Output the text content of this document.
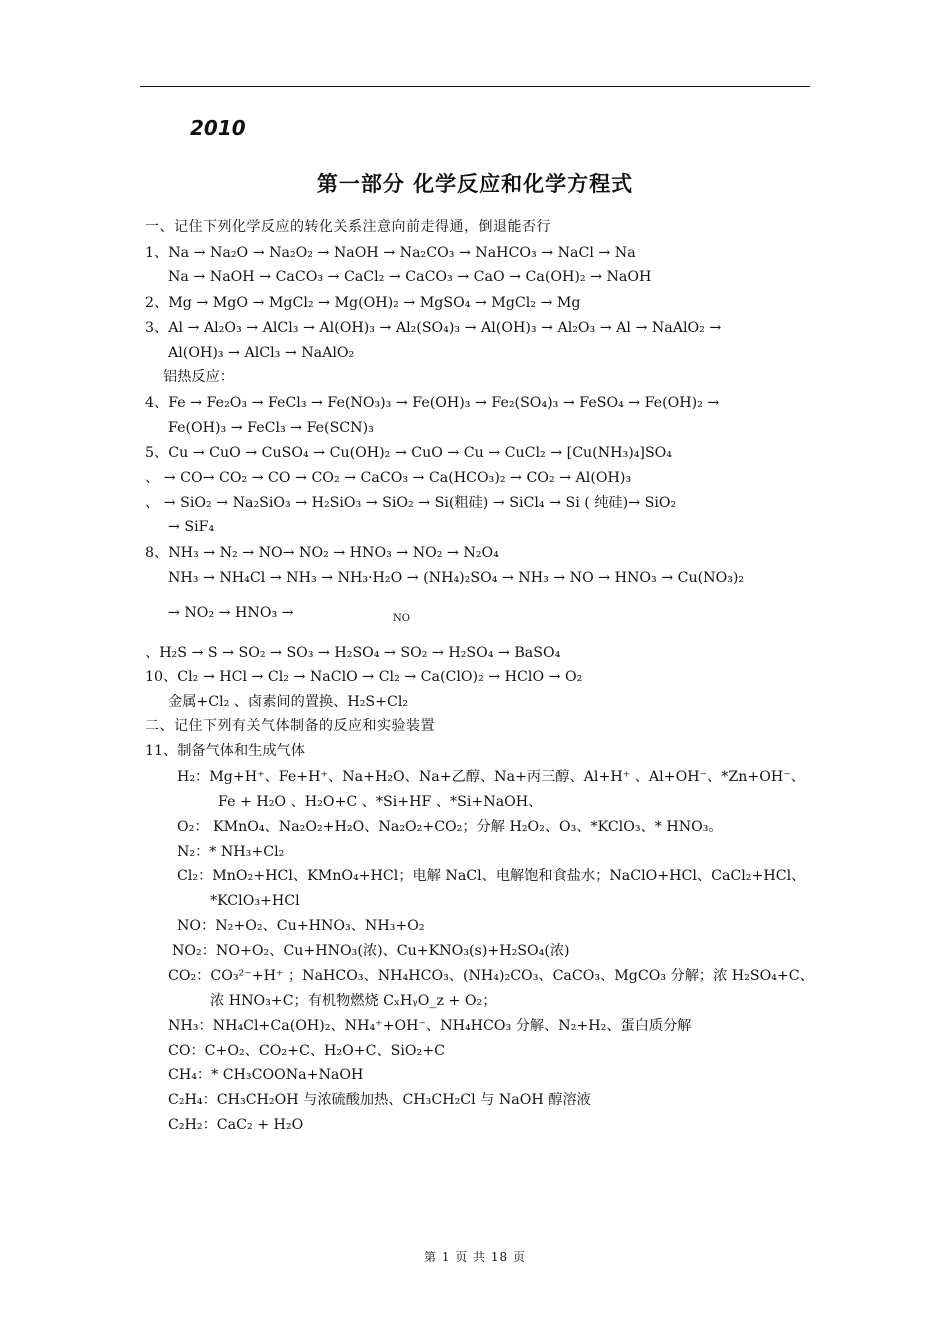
2010
第一部分 化学反应和化学方程式
一、记住下列化学反应的转化关系注意向前走得通，倒退能否行
1、Na → Na₂O → Na₂O₂ → NaOH → Na₂CO₃ → NaHCO₃ → NaCl → Na
Na → NaOH → CaCO₃ → CaCl₂ → CaCO₃ → CaO → Ca(OH)₂ → NaOH
2、Mg → MgO → MgCl₂ → Mg(OH)₂ → MgSO₄ → MgCl₂ → Mg
3、Al → Al₂O₃ → AlCl₃ → Al(OH)₃ → Al₂(SO₄)₃ → Al(OH)₃ → Al₂O₃ → Al → NaAlO₂ →
Al(OH)₃ → AlCl₃ → NaAlO₂
铝热反应：
4、Fe → Fe₂O₃ → FeCl₃ → Fe(NO₃)₃ → Fe(OH)₃ → Fe₂(SO₄)₃ → FeSO₄ → Fe(OH)₂ →
Fe(OH)₃ → FeCl₃ → Fe(SCN)₃
5、Cu → CuO → CuSO₄ → Cu(OH)₂ → CuO → Cu → CuCl₂ → [Cu(NH₃)₄]SO₄
、 → CO→ CO₂ → CO → CO₂ → CaCO₃ → Ca(HCO₃)₂ → CO₂ → Al(OH)₃
、 → SiO₂ → Na₂SiO₃ → H₂SiO₃ → SiO₂ → Si(粗硅) → SiCl₄ → Si ( 纯硅)→ SiO₂
→ SiF₄
8、NH₃ → N₂ → NO→ NO₂ → HNO₃ → NO₂ → N₂O₄
NH₃ → NH₄Cl → NH₃ → NH₃·H₂O → (NH₄)₂SO₄ → NH₃ → NO → HNO₃ → Cu(NO₃)₂
→ NO₂ → HNO₃ →	NO
、H₂S → S → SO₂ → SO₃ → H₂SO₄ → SO₂ → H₂SO₄ → BaSO₄
10、Cl₂ → HCl → Cl₂ → NaClO → Cl₂ → Ca(ClO)₂ → HClO → O₂
金属+Cl₂ 、卤素间的置换、H₂S+Cl₂
二、记住下列有关气体制备的反应和实验装置
11、制备气体和生成气体
H₂：Mg+H⁺、Fe+H⁺、Na+H₂O、Na+乙醇、Na+丙三醇、Al+H⁺ 、Al+OH⁻、*Zn+OH⁻、
Fe + H₂O 、H₂O+C 、*Si+HF 、*Si+NaOH、
O₂： KMnO₄、Na₂O₂+H₂O、Na₂O₂+CO₂；分解 H₂O₂、O₃、*KClO₃、* HNO₃。
N₂：* NH₃+Cl₂
Cl₂：MnO₂+HCl、KMnO₄+HCl；电解 NaCl、电解饱和食盐水；NaClO+HCl、CaCl₂+HCl、
*KClO₃+HCl
NO：N₂+O₂、Cu+HNO₃、NH₃+O₂
NO₂：NO+O₂、Cu+HNO₃(浓)、Cu+KNO₃(s)+H₂SO₄(浓)
CO₂：CO₃²⁻+H⁺ ；NaHCO₃、NH₄HCO₃、(NH₄)₂CO₃、CaCO₃、MgCO₃ 分解；浓 H₂SO₄+C、
浓 HNO₃+C；有机物燃烧 CₓHᵧO_z + O₂；
NH₃：NH₄Cl+Ca(OH)₂、NH₄⁺+OH⁻、NH₄HCO₃ 分解、N₂+H₂、蛋白质分解
CO：C+O₂、CO₂+C、H₂O+C、SiO₂+C
CH₄：* CH₃COONa+NaOH
C₂H₄：CH₃CH₂OH 与浓硫酸加热、CH₃CH₂Cl 与 NaOH 醇溶液
C₂H₂：CaC₂ + H₂O
第 1 页 共 18 页
